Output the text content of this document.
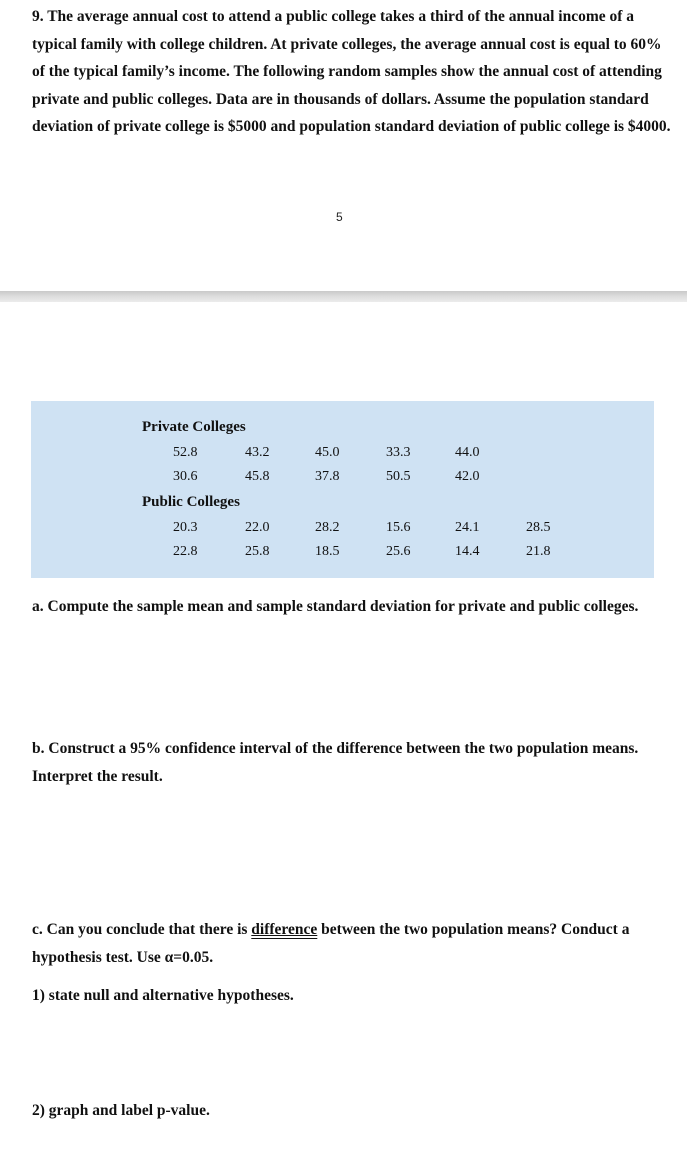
9. The average annual cost to attend a public college takes a third of the annual income of a typical family with college children. At private colleges, the average annual cost is equal to 60% of the typical family’s income. The following random samples show the annual cost of attending private and public colleges. Data are in thousands of dollars. Assume the population standard deviation of private college is $5000 and population standard deviation of public college is $4000.

5
Private Colleges
52.8	43.2	45.0	33.3	44.0
30.6	45.8	37.8	50.5	42.0
Public Colleges
20.3	22.0	28.2	15.6	24.1	28.5
22.8	25.8	18.5	25.6	14.4	21.8

a. Compute the sample mean and sample standard deviation for private and public colleges.

b. Construct a 95% confidence interval of the difference between the two population means. Interpret the result.

c. Can you conclude that there is difference between the two population means? Conduct a hypothesis test. Use α=0.05.

1) state null and alternative hypotheses.

2) graph and label p-value.
